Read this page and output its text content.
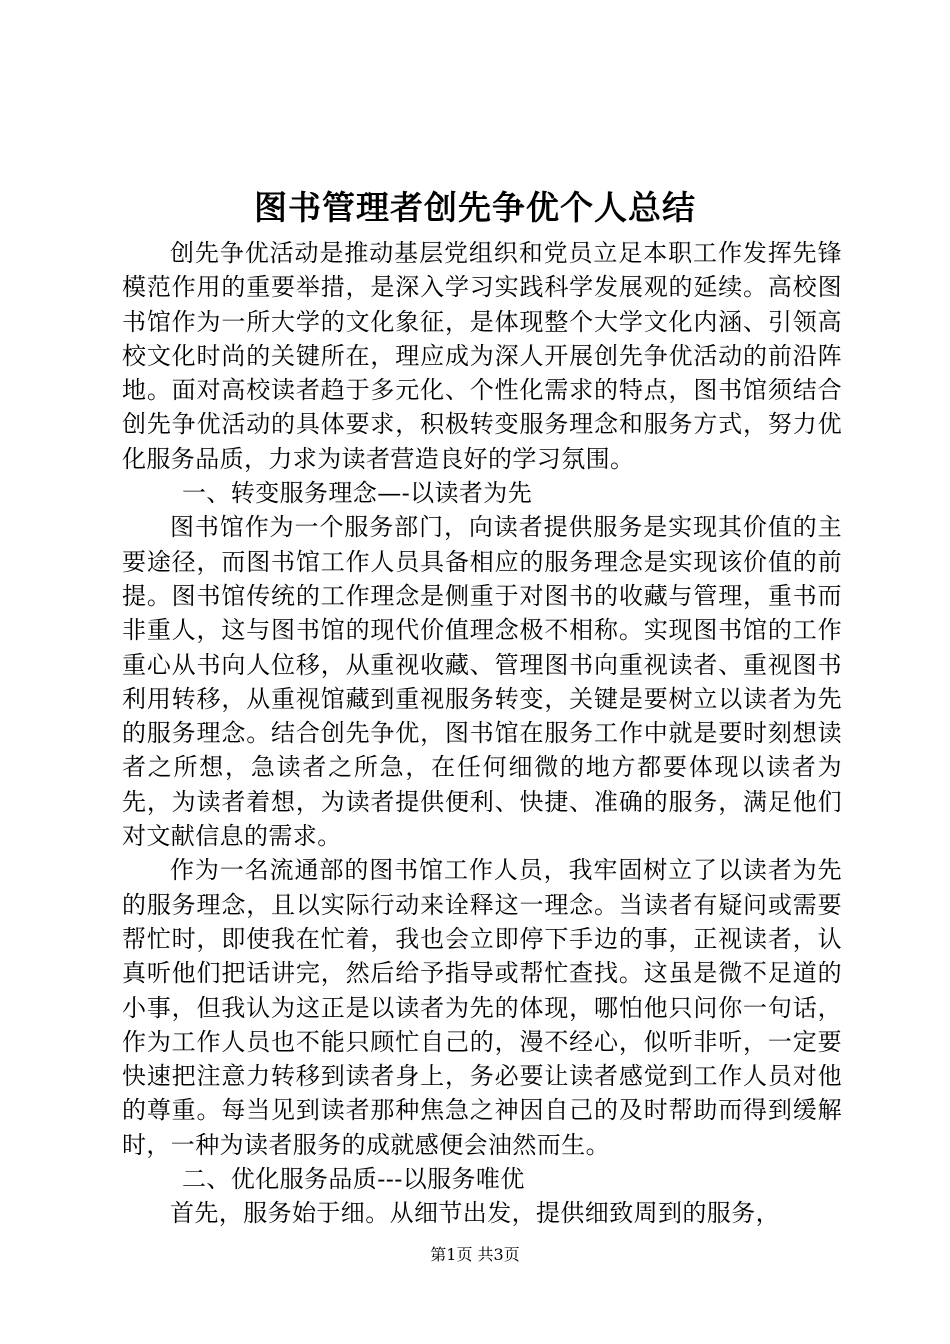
图书管理者创先争优个人总结

创先争优活动是推动基层党组织和党员立足本职工作发挥先锋模范作用的重要举措，是深入学习实践科学发展观的延续。高校图书馆作为一所大学的文化象征，是体现整个大学文化内涵、引领高校文化时尚的关键所在，理应成为深人开展创先争优活动的前沿阵地。面对高校读者趋于多元化、个性化需求的特点，图书馆须结合创先争优活动的具体要求，积极转变服务理念和服务方式，努力优化服务品质，力求为读者营造良好的学习氛围。

一、转变服务理念—-以读者为先

图书馆作为一个服务部门，向读者提供服务是实现其价值的主要途径，而图书馆工作人员具备相应的服务理念是实现该价值的前提。图书馆传统的工作理念是侧重于对图书的收藏与管理，重书而非重人，这与图书馆的现代价值理念极不相称。实现图书馆的工作重心从书向人位移，从重视收藏、管理图书向重视读者、重视图书利用转移，从重视馆藏到重视服务转变，关键是要树立以读者为先的服务理念。结合创先争优，图书馆在服务工作中就是要时刻想读者之所想，急读者之所急，在任何细微的地方都要体现以读者为先，为读者着想，为读者提供便利、快捷、准确的服务，满足他们对文献信息的需求。

作为一名流通部的图书馆工作人员，我牢固树立了以读者为先的服务理念，且以实际行动来诠释这一理念。当读者有疑问或需要帮忙时，即使我在忙着，我也会立即停下手边的事，正视读者，认真听他们把话讲完，然后给予指导或帮忙查找。这虽是微不足道的小事，但我认为这正是以读者为先的体现，哪怕他只问你一句话，作为工作人员也不能只顾忙自己的，漫不经心，似听非听，一定要快速把注意力转移到读者身上，务必要让读者感觉到工作人员对他的尊重。每当见到读者那种焦急之神因自己的及时帮助而得到缓解时，一种为读者服务的成就感便会油然而生。

二、优化服务品质---以服务唯优

首先，服务始于细。从细节出发，提供细致周到的服务，

第1页 共3页
